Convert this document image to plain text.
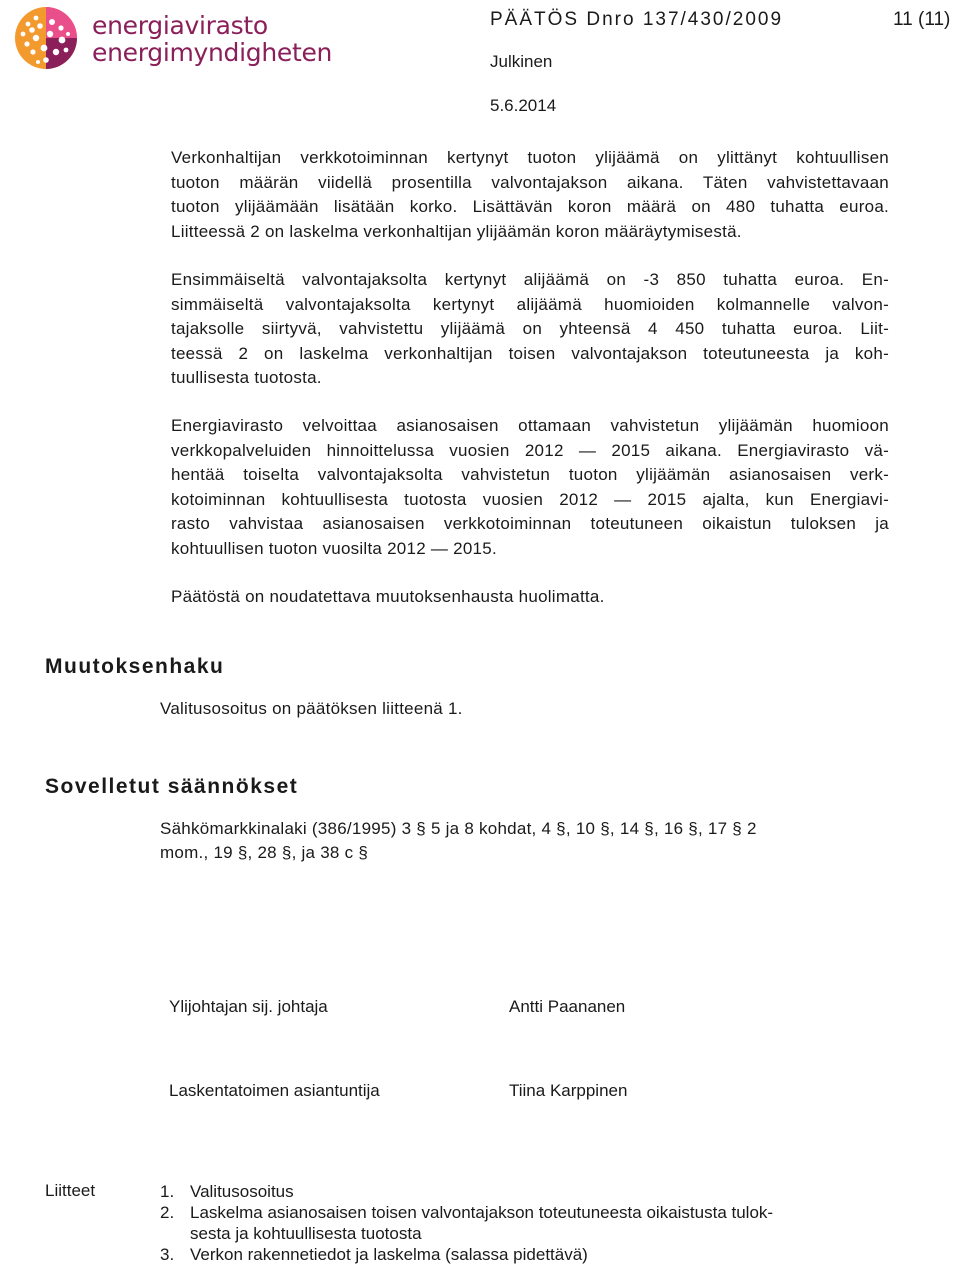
energiavirasto
energimyndigheten
PÄÄTÖS Dnro 137/430/2009	11 (11)
Julkinen
5.6.2014
Verkonhaltijan verkkotoiminnan kertynyt tuoton ylijäämä on ylittänyt kohtuullisen
tuoton määrän viidellä prosentilla valvontajakson aikana. Täten vahvistettavaan
tuoton ylijäämään lisätään korko. Lisättävän koron määrä on 480 tuhatta euroa.
Liitteessä 2 on laskelma verkonhaltijan ylijäämän koron määräytymisestä.
Ensimmäiseltä valvontajaksolta kertynyt alijäämä on -3 850 tuhatta euroa. En-
simmäiseltä valvontajaksolta kertynyt alijäämä huomioiden kolmannelle valvon-
tajaksolle siirtyvä, vahvistettu ylijäämä on yhteensä 4 450 tuhatta euroa. Liit-
teessä 2 on laskelma verkonhaltijan toisen valvontajakson toteutuneesta ja koh-
tuullisesta tuotosta.
Energiavirasto velvoittaa asianosaisen ottamaan vahvistetun ylijäämän huomioon
verkkopalveluiden hinnoittelussa vuosien 2012 — 2015 aikana. Energiavirasto vä-
hentää toiselta valvontajaksolta vahvistetun tuoton ylijäämän asianosaisen verk-
kotoiminnan kohtuullisesta tuotosta vuosien 2012 — 2015 ajalta, kun Energiavi-
rasto vahvistaa asianosaisen verkkotoiminnan toteutuneen oikaistun tuloksen ja
kohtuullisen tuoton vuosilta 2012 — 2015.
Päätöstä on noudatettava muutoksenhausta huolimatta.
Muutoksenhaku
Valitusosoitus on päätöksen liitteenä 1.
Sovelletut säännökset
Sähkömarkkinalaki (386/1995) 3 § 5 ja 8 kohdat, 4 §, 10 §, 14 §, 16 §, 17 § 2
mom., 19 §, 28 §, ja 38 c §
Ylijohtajan sij. johtaja	Antti Paananen
Laskentatoimen asiantuntija	Tiina Karppinen
Liitteet	1. Valitusosoitus
2. Laskelma asianosaisen toisen valvontajakson toteutuneesta oikaistusta tulok-
sesta ja kohtuullisesta tuotosta
3. Verkon rakennetiedot ja laskelma (salassa pidettävä)
